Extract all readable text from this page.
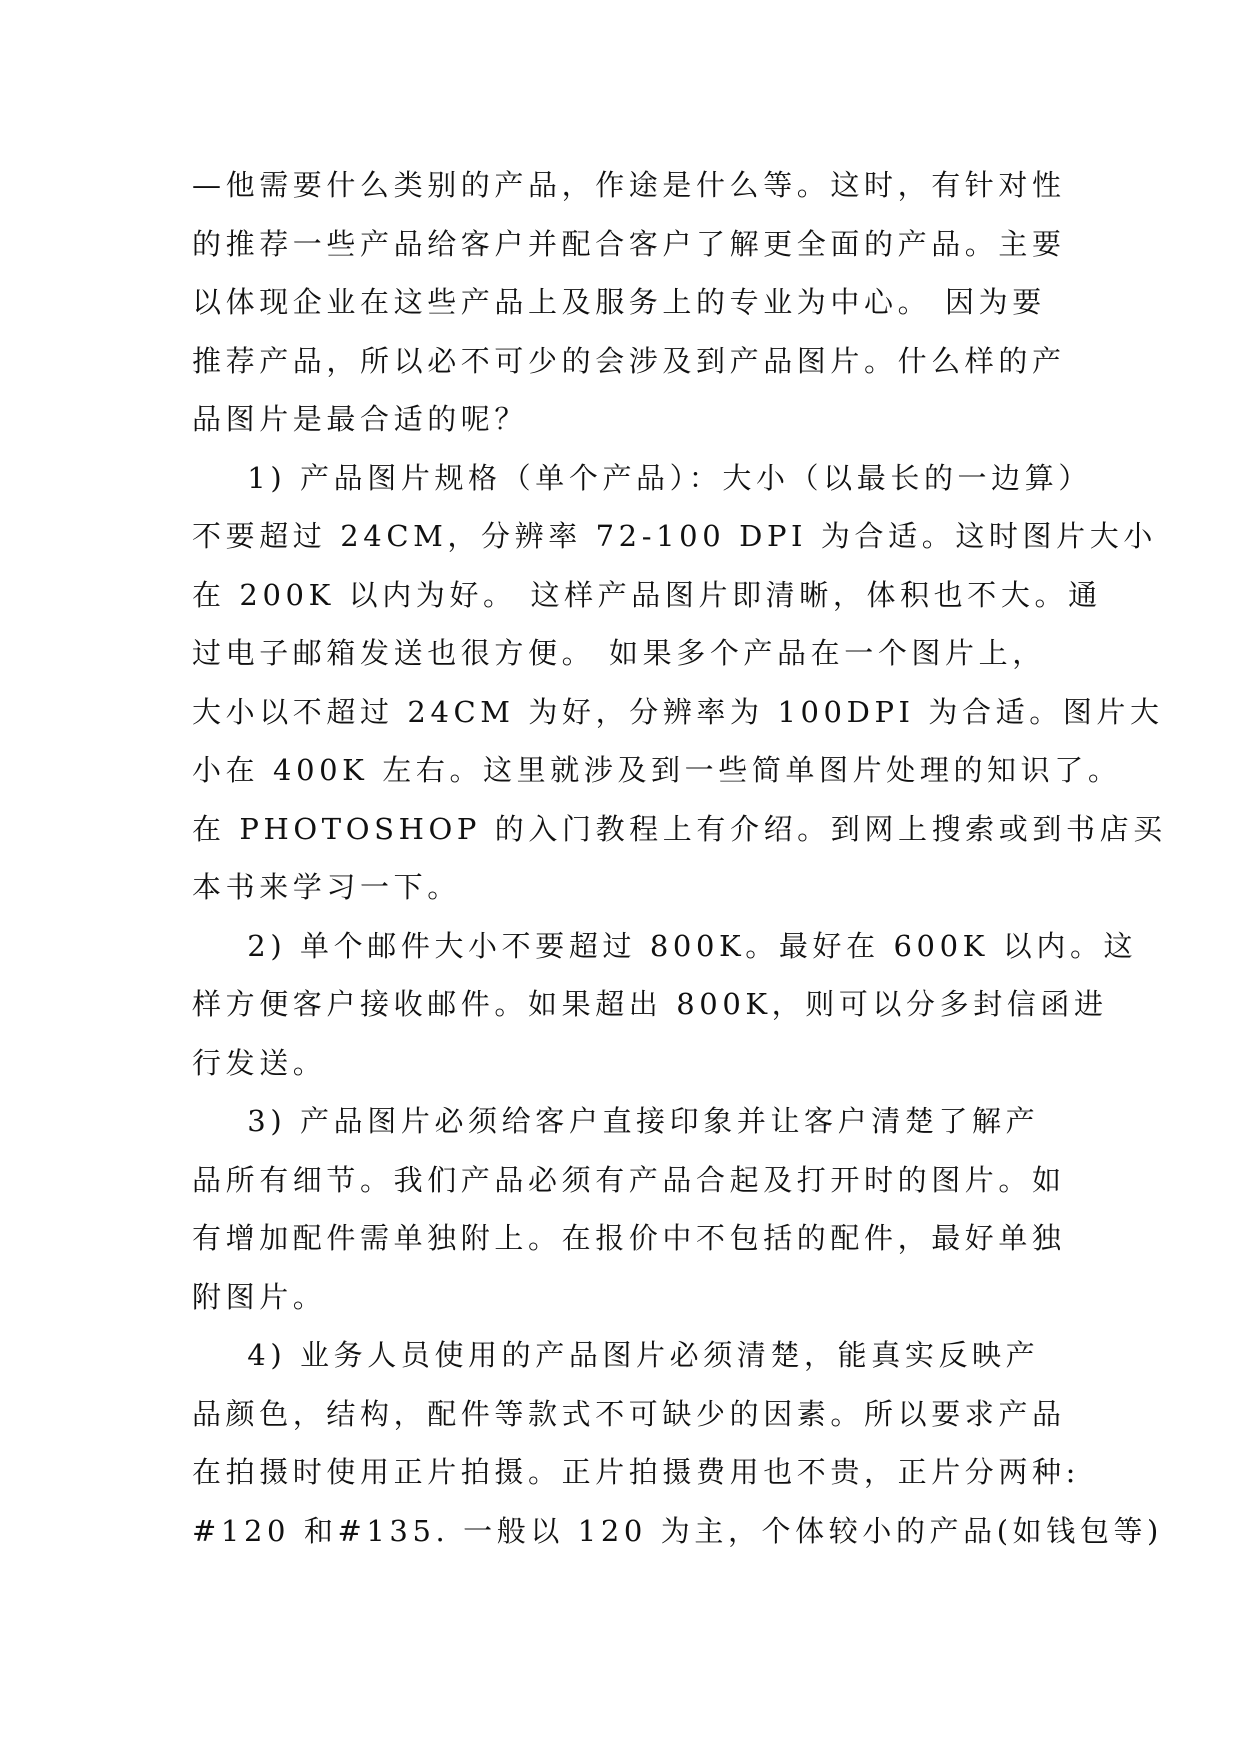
—他需要什么类别的产品，作途是什么等。这时，有针对性
的推荐一些产品给客户并配合客户了解更全面的产品。主要
以体现企业在这些产品上及服务上的专业为中心。 因为要
推荐产品，所以必不可少的会涉及到产品图片。什么样的产
品图片是最合适的呢？
1) 产品图片规格（单个产品）：大小（以最长的一边算）
不要超过 24CM，分辨率 72-100 DPI 为合适。这时图片大小
在 200K 以内为好。 这样产品图片即清晰，体积也不大。通
过电子邮箱发送也很方便。 如果多个产品在一个图片上，
大小以不超过 24CM 为好，分辨率为 100DPI 为合适。图片大
小在 400K 左右。这里就涉及到一些简单图片处理的知识了。
在 PHOTOSHOP 的入门教程上有介绍。到网上搜索或到书店买
本书来学习一下。
2) 单个邮件大小不要超过 800K。最好在 600K 以内。这
样方便客户接收邮件。如果超出 800K，则可以分多封信函进
行发送。
3) 产品图片必须给客户直接印象并让客户清楚了解产
品所有细节。我们产品必须有产品合起及打开时的图片。如
有增加配件需单独附上。在报价中不包括的配件，最好单独
附图片。
4) 业务人员使用的产品图片必须清楚，能真实反映产
品颜色，结构，配件等款式不可缺少的因素。所以要求产品
在拍摄时使用正片拍摄。正片拍摄费用也不贵，正片分两种:
#120 和#135. 一般以 120 为主，个体较小的产品(如钱包等)
